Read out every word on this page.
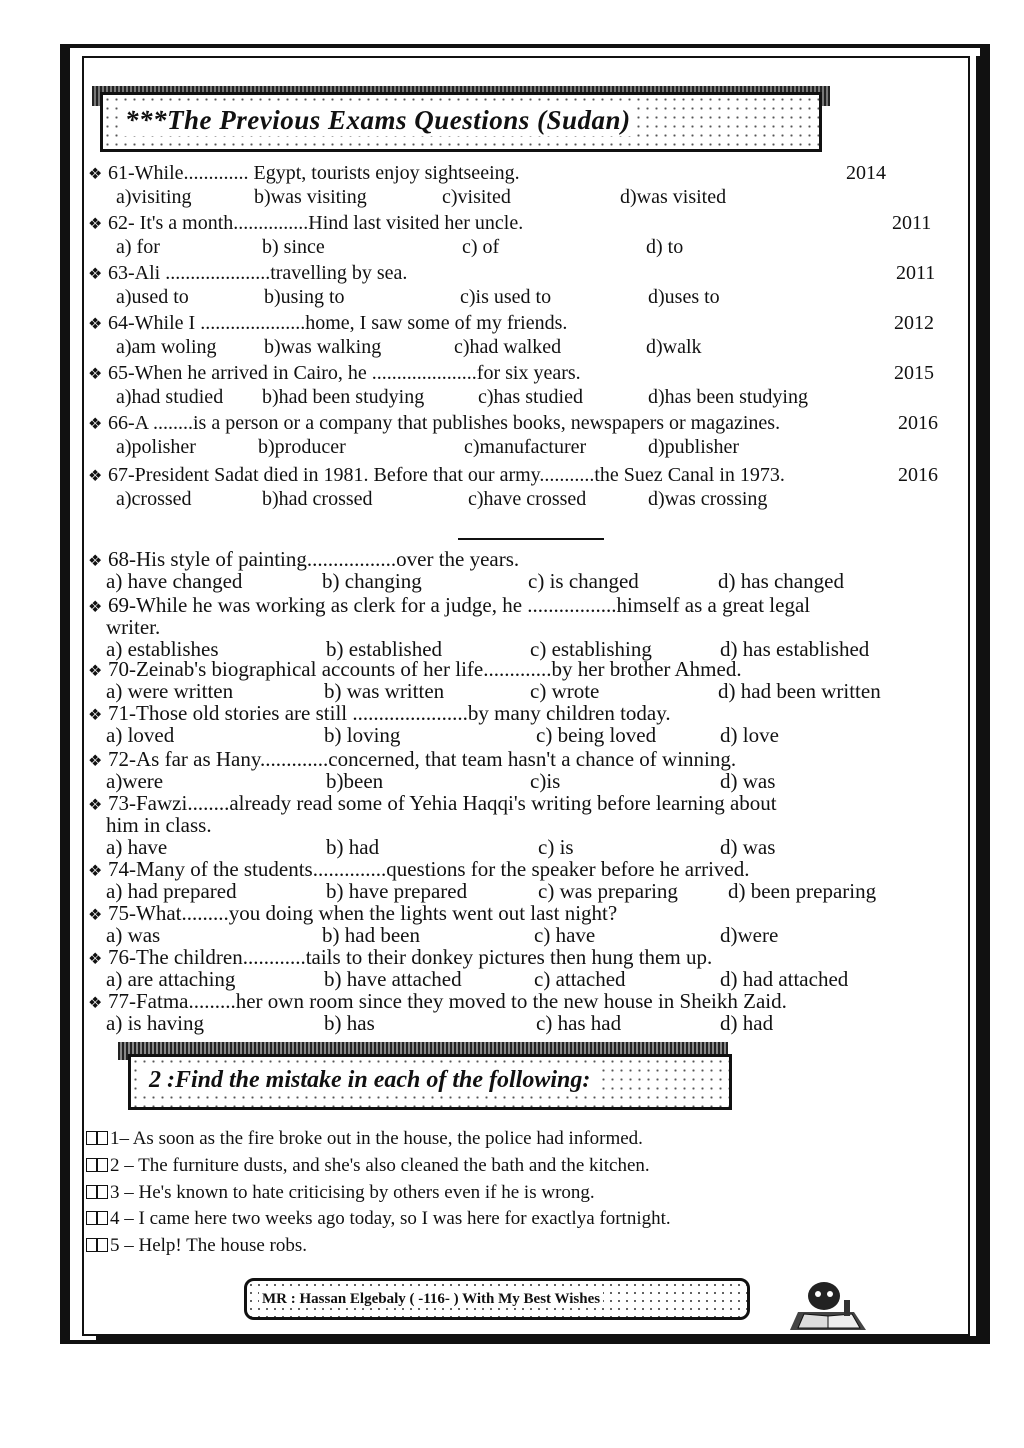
***The Previous Exams Questions (Sudan)
❖ 61-While............. Egypt, tourists enjoy sightseeing.	2014
a)visiting	b)was visiting	c)visited	d)was visited
❖ 62- It's a month...............Hind last visited her uncle.	2011
a) for	b) since	c) of	d) to
❖ 63-Ali .....................travelling by sea.	2011
a)used to	b)using to	c)is used to	d)uses to
❖ 64-While I .....................home, I saw some of my friends.	2012
a)am woling b)was walking	c)had walked	d)walk
❖ 65-When he arrived in Cairo, he .....................for six years.	2015
a)had studied b)had been studying	c)has studied	d)has been studying
❖ 66-A ........is a person or a company that publishes books, newspapers or magazines.	2016
a)polisher	b)producer	c)manufacturer	d)publisher
❖ 67-President Sadat died in 1981. Before that our army...........the Suez Canal in 1973.	2016
a)crossed	b)had crossed	c)have crossed	d)was crossing
❖ 68-His style of painting.................over the years.
a) have changed	b) changing	c) is changed	d) has changed
❖ 69-While he was working as clerk for a judge, he .................himself as a great legal
writer.
a) establishes	b) established	c) establishing	d) has established
❖ 70-Zeinab's biographical accounts of her life.............by her brother Ahmed.
a) were written	b) was written	c) wrote	d) had been written
❖ 71-Those old stories are still ......................by many children today.
a) loved	b) loving	c) being loved	d) love
❖ 72-As far as Hany.............concerned, that team hasn't a chance of winning.
a)were	b)been	c)is	d) was
❖ 73-Fawzi........already read some of Yehia Haqqi's writing before learning about
him in class.
a) have	b) had	c) is	d) was
❖ 74-Many of the students..............questions for the speaker before he arrived.
a) had prepared	b) have prepared	c) was preparing d) been preparing
❖ 75-What.........you doing when the lights went out last night?
a) was	b) had been	c) have	d)were
❖ 76-The children............tails to their donkey pictures then hung them up.
a) are attaching	b) have attached	c) attached	d) had attached
❖ 77-Fatma.........her own room since they moved to the new house in Sheikh Zaid.
a) is having	b) has	c) has had	d) had
2 :Find the mistake in each of the following:
1– As soon as the fire broke out in the house, the police had informed.
2 – The furniture dusts, and she's also cleaned the bath and the kitchen.
3 – He's known to hate criticising by others even if he is wrong.
4 – I came here two weeks ago today, so I was here for exactlya fortnight.
5 – Help! The house robs.
MR : Hassan Elgebaly ( -116- ) With My Best Wishes
